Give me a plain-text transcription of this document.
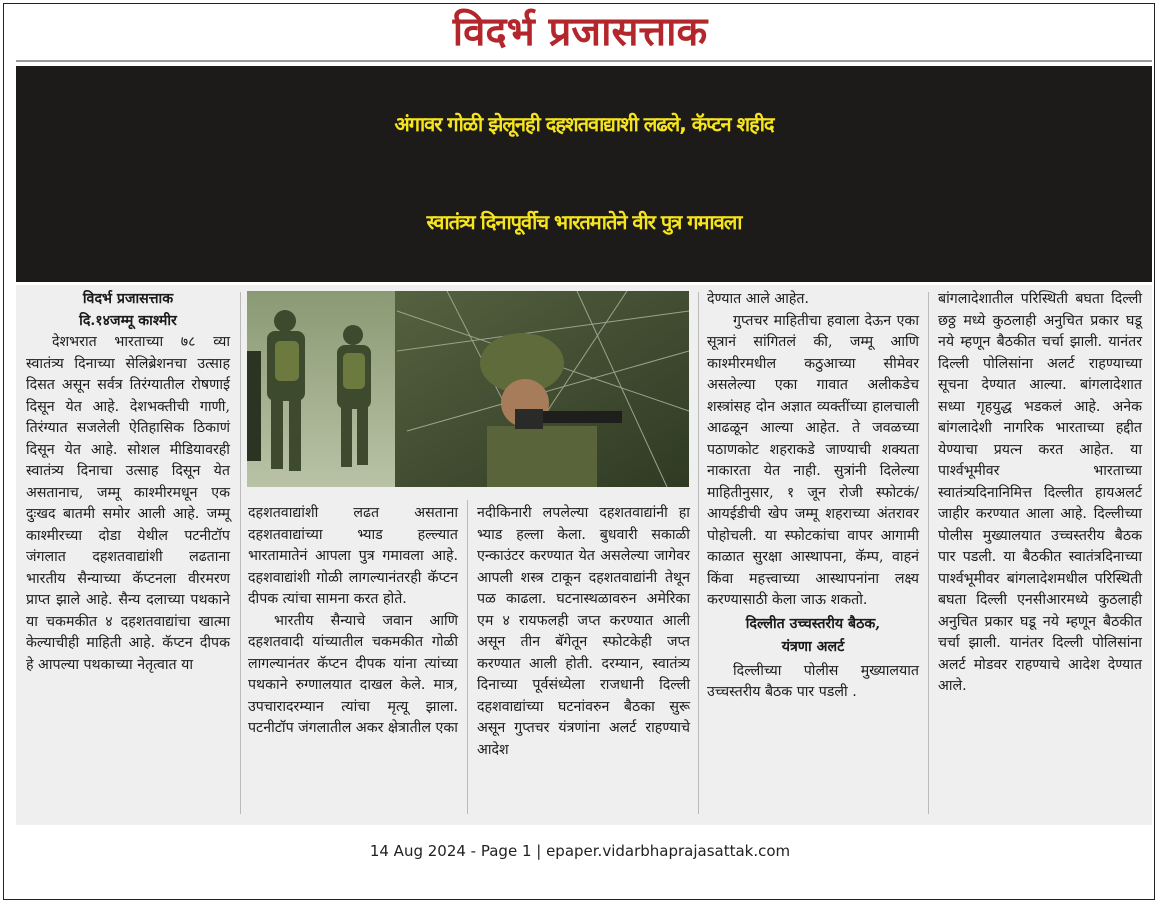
विदर्भ प्रजासत्ताक
अंगावर गोळी झेलूनही दहशतवाद्याशी लढले, कॅप्टन शहीद
स्वातंत्र्य दिनापूर्वीच भारतमातेने वीर पुत्र गमावला
विदर्भ प्रजासत्ताक
दि.१४जम्मू काश्मीर

देशभरात भारताच्या ७८ व्या स्वातंत्र्य दिनाच्या सेलिब्रेशनचा उत्साह दिसत असून सर्वत्र तिरंग्यातील रोषणाई दिसून येत आहे. देशभक्तीची गाणी, तिरंग्यात सजलेली ऐतिहासिक ठिकाणं दिसून येत आहे. सोशल मीडियावरही स्वातंत्र्य दिनाचा उत्साह दिसून येत असतानाच, जम्मू काश्मीरमधून एक दुःखद बातमी समोर आली आहे. जम्मू काश्मीरच्या दोडा येथील पटनीटॉप जंगलात दहशतवाद्यांशी लढताना भारतीय सैन्याच्या कॅप्टनला वीरमरण प्राप्त झाले आहे. सैन्य दलाच्या पथकाने या चकमकीत ४ दहशतवाद्यांचा खात्मा केल्याचीही माहिती आहे. कॅप्टन दीपक हे आपल्या पथकाच्या नेतृत्वात या

दहशतवाद्यांशी लढत असताना दहशतवाद्यांच्या भ्याड हल्ल्यात भारतामातेनं आपला पुत्र गमावला आहे. दहशवाद्यांशी गोळी लागल्यानंतरही कॅप्टन दीपक त्यांचा सामना करत होते.

भारतीय सैन्याचे जवान आणि दहशतवादी यांच्यातील चकमकीत गोळी लागल्यानंतर कॅप्टन दीपक यांना त्यांच्या पथकाने रुग्णालयात दाखल केले. मात्र, उपचारादरम्यान त्यांचा मृत्यू झाला. पटनीटॉप जंगलातील अकर क्षेत्रातील एका

नदीकिनारी लपलेल्या दहशतवाद्यांनी हा भ्याड हल्ला केला. बुधवारी सकाळी एन्काउंटर करण्यात येत असलेल्या जागेवर आपली शस्त्र टाकून दहशतवाद्यांनी तेथून पळ काढला. घटनास्थळावरुन अमेरिका एम ४ रायफलही जप्त करण्यात आली असून तीन बॅगेतून स्फोटकेही जप्त करण्यात आली होती. दरम्यान, स्वातंत्र्य दिनाच्या पूर्वसंध्येला राजधानी दिल्ली दहशवाद्यांच्या घटनांवरुन बैठका सुरू असून गुप्तचर यंत्रणांना अलर्ट राहण्याचे आदेश

देण्यात आले आहेत.

गुप्तचर माहितीचा हवाला देऊन एका सूत्रानं सांगितलं की, जम्मू आणि काश्मीरमधील कठुआच्या सीमेवर असलेल्या एका गावात अलीकडेच शस्त्रांसह दोन अज्ञात व्यक्तींच्या हालचाली आढळून आल्या आहेत. ते जवळच्या पठाणकोट शहराकडे जाण्याची शक्यता नाकारता येत नाही. सुत्रांनी दिलेल्या माहितीनुसार, १ जून रोजी स्फोटकं/ आयईडीची खेप जम्मू शहराच्या अंतरावर पोहोचली. या स्फोटकांचा वापर आगामी काळात सुरक्षा आस्थापना, कॅम्प, वाहनं किंवा महत्त्वाच्या आस्थापनांना लक्ष्य करण्यासाठी केला जाऊ शकतो.

दिल्लीत उच्चस्तरीय बैठक,
यंत्रणा अलर्ट

दिल्लीच्या पोलीस मुख्यालयात उच्चस्तरीय बैठक पार पडली .

बांगलादेशातील परिस्थिती बघता दिल्ली छठ्ठ मध्ये कुठलाही अनुचित प्रकार घडू नये म्हणून बैठकीत चर्चा झाली. यानंतर दिल्ली पोलिसांना अलर्ट राहण्याच्या सूचना देण्यात आल्या. बांगलादेशात सध्या गृहयुद्ध भडकलं आहे. अनेक बांगलादेशी नागरिक भारताच्या हद्दीत येण्याचा प्रयत्न करत आहेत. या पार्श्वभूमीवर भारताच्या स्वातंत्र्यदिनानिमित्त दिल्लीत हायअलर्ट जाहीर करण्यात आला आहे. दिल्लीच्या पोलीस मुख्यालयात उच्चस्तरीय बैठक पार पडली. या बैठकीत स्वातंत्रदिनाच्या पार्श्वभूमीवर बांगलादेशमधील परिस्थिती बघता दिल्ली एनसीआरमध्ये कुठलाही अनुचित प्रकार घडू नये म्हणून बैठकीत चर्चा झाली. यानंतर दिल्ली पोलिसांना अलर्ट मोडवर राहण्याचे आदेश देण्यात आले.

14 Aug 2024 - Page 1 | epaper.vidarbhaprajasattak.com
